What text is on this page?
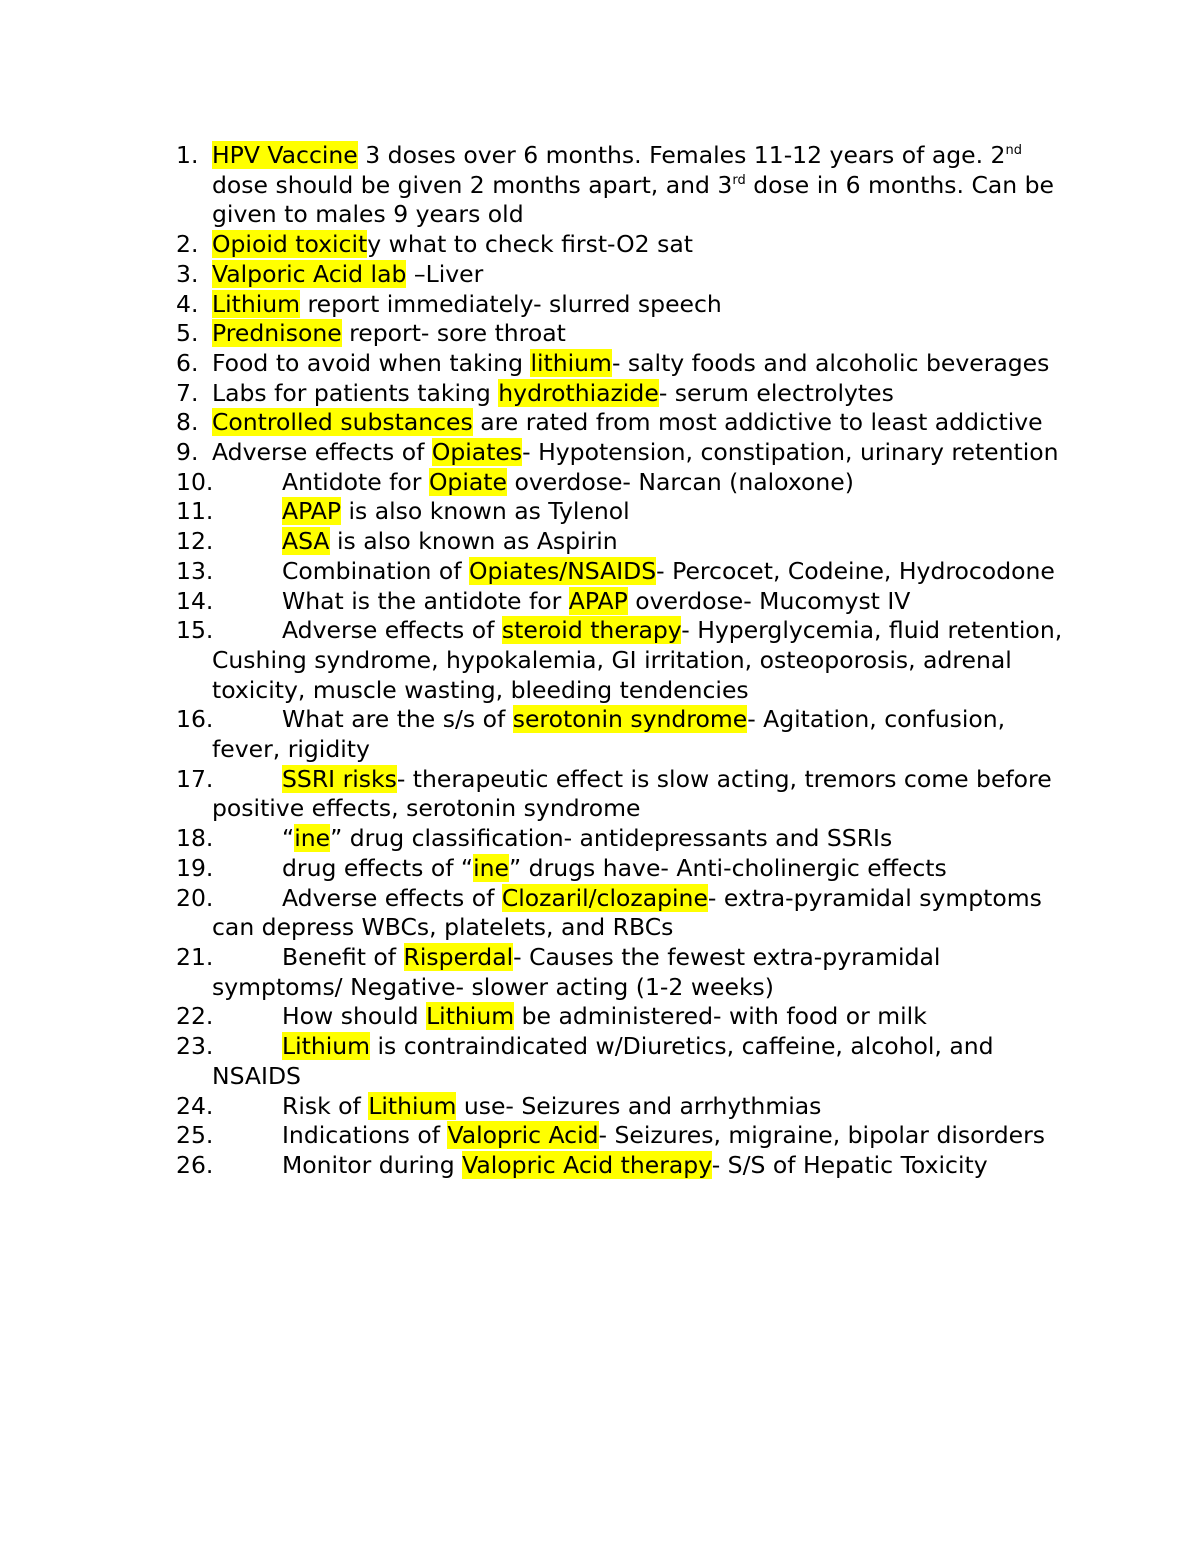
1. HPV Vaccine 3 doses over 6 months. Females 11-12 years of age. 2nd dose should be given 2 months apart, and 3rd dose in 6 months. Can be given to males 9 years old
2. Opioid toxicity what to check first-O2 sat
3. Valporic Acid lab –Liver
4. Lithium report immediately- slurred speech
5. Prednisone report- sore throat
6. Food to avoid when taking lithium- salty foods and alcoholic beverages
7. Labs for patients taking hydrothiazide- serum electrolytes
8. Controlled substances are rated from most addictive to least addictive
9. Adverse effects of Opiates- Hypotension, constipation, urinary retention
10.	Antidote for Opiate overdose- Narcan (naloxone)
11.	APAP is also known as Tylenol
12.	ASA is also known as Aspirin
13.	Combination of Opiates/NSAIDS- Percocet, Codeine, Hydrocodone
14.	What is the antidote for APAP overdose- Mucomyst IV
15.	Adverse effects of steroid therapy- Hyperglycemia, fluid retention, Cushing syndrome, hypokalemia, GI irritation, osteoporosis, adrenal toxicity, muscle wasting, bleeding tendencies
16.	What are the s/s of serotonin syndrome- Agitation, confusion, fever, rigidity
17.	SSRI risks- therapeutic effect is slow acting, tremors come before positive effects, serotonin syndrome
18.	“ine” drug classification- antidepressants and SSRIs
19.	drug effects of “ine” drugs have- Anti-cholinergic effects
20.	Adverse effects of Clozaril/clozapine- extra-pyramidal symptoms can depress WBCs, platelets, and RBCs
21.	Benefit of Risperdal- Causes the fewest extra-pyramidal symptoms/ Negative- slower acting (1-2 weeks)
22.	How should Lithium be administered- with food or milk
23.	Lithium is contraindicated w/Diuretics, caffeine, alcohol, and NSAIDS
24.	Risk of Lithium use- Seizures and arrhythmias
25.	Indications of Valopric Acid- Seizures, migraine, bipolar disorders
26.	Monitor during Valopric Acid therapy- S/S of Hepatic Toxicity
